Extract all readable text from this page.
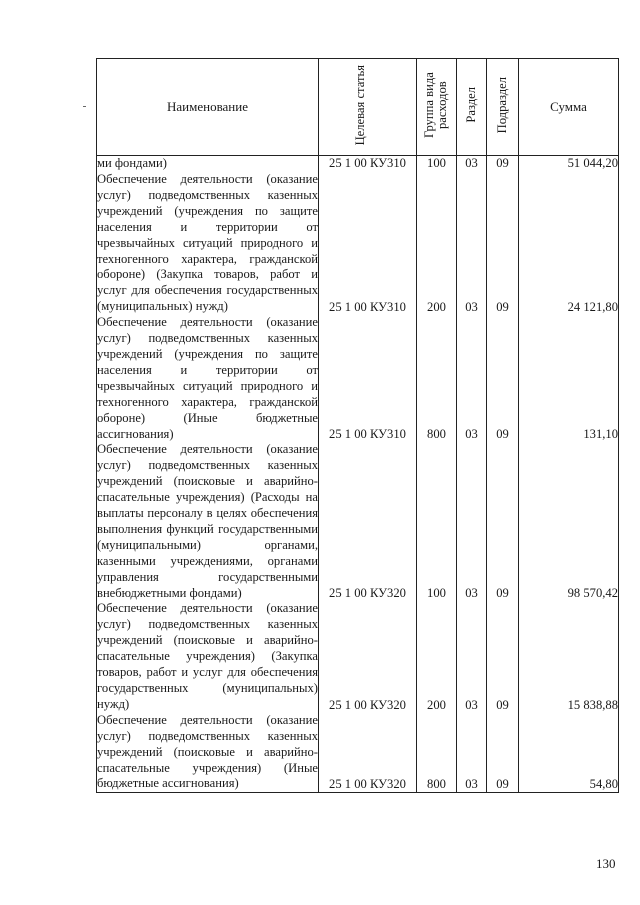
Наименование	Целевая статья	Группа вида расходов	Раздел	Подраздел	Сумма

ми фондами)	25 1 00 КУ310	100	03	09	51 044,20
Обеспечение деятельности (оказание услуг) подведомственных казенных учреждений (учреждения по защите населения и территории от чрезвычайных ситуаций природного и техногенного характера, гражданской обороне) (Закупка товаров, работ и услуг для обеспечения государственных (муниципальных) нужд)	25 1 00 КУ310	200	03	09	24 121,80
Обеспечение деятельности (оказание услуг) подведомственных казенных учреждений (учреждения по защите населения и территории от чрезвычайных ситуаций природного и техногенного характера, гражданской обороне) (Иные бюджетные ассигнования)	25 1 00 КУ310	800	03	09	131,10
Обеспечение деятельности (оказание услуг) подведомственных казенных учреждений (поисковые и аварийно-спасательные учреждения) (Расходы на выплаты персоналу в целях обеспечения выполнения функций государственными (муниципальными) органами, казенными учреждениями, органами управления государственными внебюджетными фондами)	25 1 00 КУ320	100	03	09	98 570,42
Обеспечение деятельности (оказание услуг) подведомственных казенных учреждений (поисковые и аварийно-спасательные учреждения) (Закупка товаров, работ и услуг для обеспечения государственных (муниципальных) нужд)	25 1 00 КУ320	200	03	09	15 838,88
Обеспечение деятельности (оказание услуг) подведомственных казенных учреждений (поисковые и аварийно-спасательные учреждения) (Иные бюджетные ассигнования)	25 1 00 КУ320	800	03	09	54,80
130
